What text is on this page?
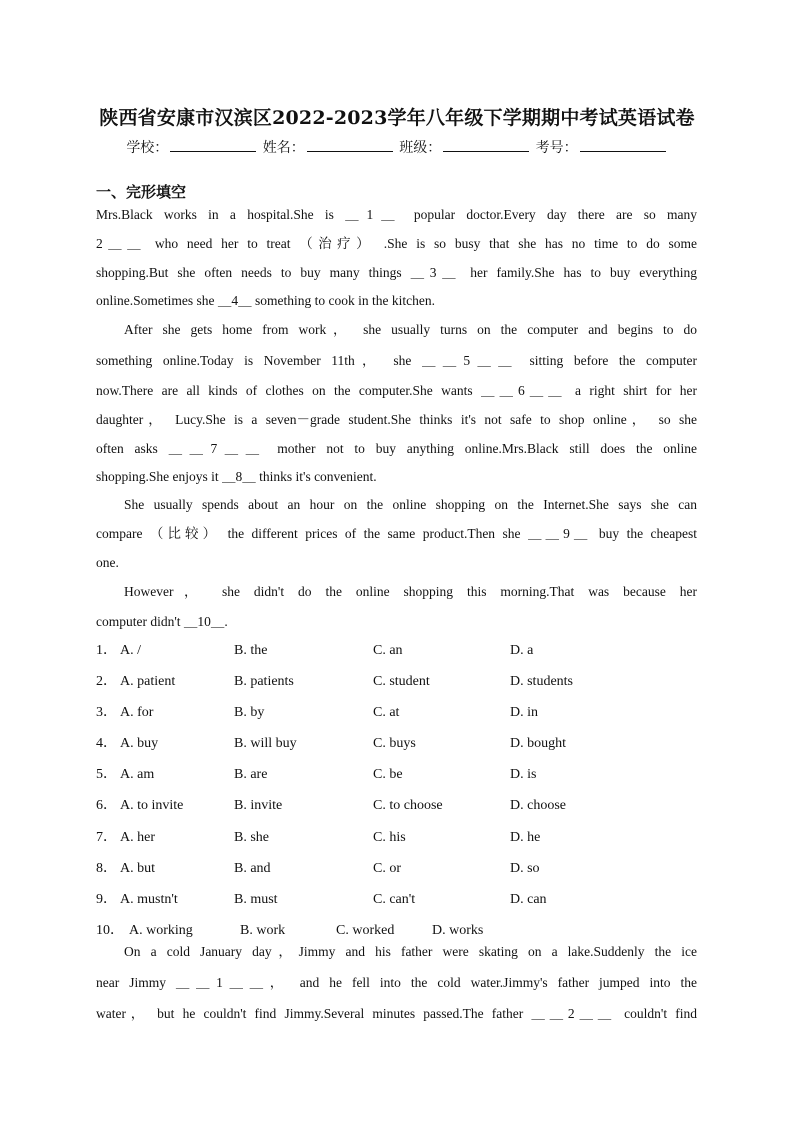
陕西省安康市汉滨区2022-2023学年八年级下学期期中考试英语试卷
学校：	姓名：	班级：	考号：
一、完形填空
Mrs.Black works in a hospital.She is ＿1＿ popular doctor.Every day there are so many
2＿＿ who need her to treat （治疗） .She is so busy that she has no time to do some
shopping.But she often needs to buy many things ＿3＿ her family.She has to buy everything
online.Sometimes she ＿4＿ something to cook in the kitchen.
After she gets home from work， she usually turns on the computer and begins to do
something online.Today is November 11th， she ＿＿5＿＿ sitting before the computer
now.There are all kinds of clothes on the computer.She wants ＿＿6＿＿ a right shirt for her
daughter， Lucy.She is a seven－grade student.She thinks it's not safe to shop online， so she
often asks ＿＿7＿＿ mother not to buy anything online.Mrs.Black still does the online
shopping.She enjoys it ＿8＿ thinks it's convenient.
She usually spends about an hour on the online shopping on the Internet.She says she can
compare （比较） the different prices of the same product.Then she ＿＿9＿ buy the cheapest
one.
However， she didn't do the online shopping this morning.That was because her
computer didn't ＿10＿.
1． A. /	B. the	C. an	D. a
2． A. patient	B. patients	C. student	D. students
3． A. for	B. by	C. at	D. in
4． A. buy	B. will buy	C. buys	D. bought
5． A. am	B. are	C. be	D. is
6． A. to invite	B. invite	C. to choose	D. choose
7． A. her	B. she	C. his	D. he
8． A. but	B. and	C. or	D. so
9． A. mustn't	B. must	C. can't	D. can
10． A. working	B. work	C. worked	D. works
On a cold January day，Jimmy and his father were skating on a lake.Suddenly the ice
near Jimmy ＿＿1＿＿， and he fell into the cold water.Jimmy's father jumped into the
water， but he couldn't find Jimmy.Several minutes passed.The father ＿＿2＿＿ couldn't find
